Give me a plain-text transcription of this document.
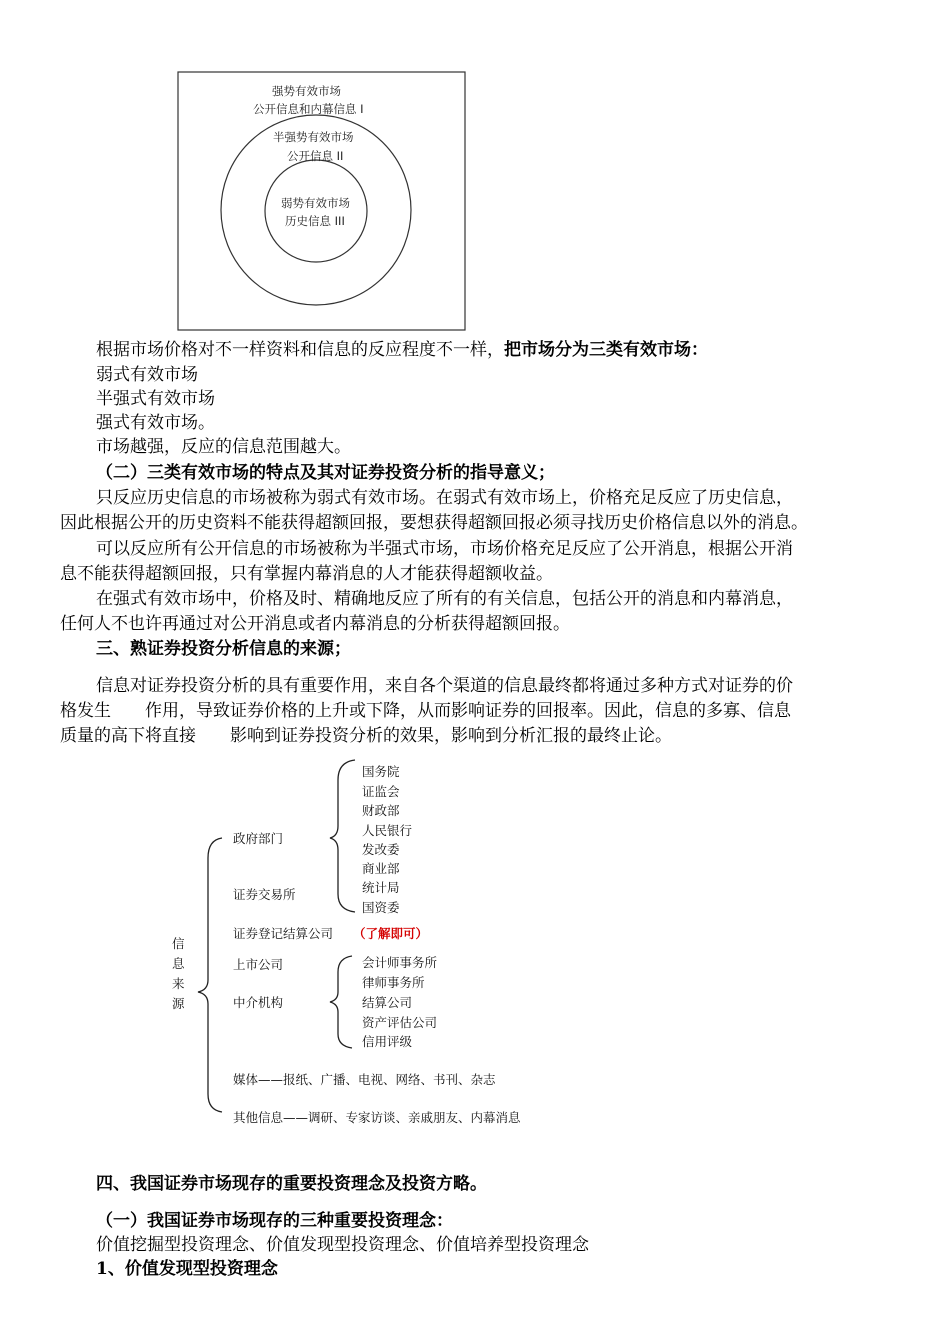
强势有效市场
公开信息和内幕信息 I
半强势有效市场
公开信息 II
弱势有效市场
历史信息 III
根据市场价格对不一样资料和信息的反应程度不一样，把市场分为三类有效市场：
弱式有效市场
半强式有效市场
强式有效市场。
市场越强，反应的信息范围越大。
（二）三类有效市场的特点及其对证券投资分析的指导意义；
只反应历史信息的市场被称为弱式有效市场。在弱式有效市场上，价格充足反应了历史信息，
因此根据公开的历史资料不能获得超额回报，要想获得超额回报必须寻找历史价格信息以外的消息。
可以反应所有公开信息的市场被称为半强式市场，市场价格充足反应了公开消息，根据公开消
息不能获得超额回报，只有掌握内幕消息的人才能获得超额收益。
在强式有效市场中，价格及时、精确地反应了所有的有关信息，包括公开的消息和内幕消息，
任何人不也许再通过对公开消息或者内幕消息的分析获得超额回报。
三、熟证券投资分析信息的来源；
信息对证券投资分析的具有重要作用，来自各个渠道的信息最终都将通过多种方式对证券的价
格发生　　作用，导致证券价格的上升或下降，从而影响证券的回报率。因此，信息的多寡、信息
质量的高下将直接　　影响到证券投资分析的效果，影响到分析汇报的最终止论。
信
息
来
源
政府部门
国务院
证监会
财政部
人民银行
发改委
商业部
统计局
国资委
证券交易所
证券登记结算公司 （了解即可）
上市公司
中介机构
会计师事务所
律师事务所
结算公司
资产评估公司
信用评级
媒体——报纸、广播、电视、网络、书刊、杂志
其他信息——调研、专家访谈、亲戚朋友、内幕消息
四、我国证券市场现存的重要投资理念及投资方略。
（一）我国证券市场现存的三种重要投资理念：
价值挖掘型投资理念、价值发现型投资理念、价值培养型投资理念
1、价值发现型投资理念
